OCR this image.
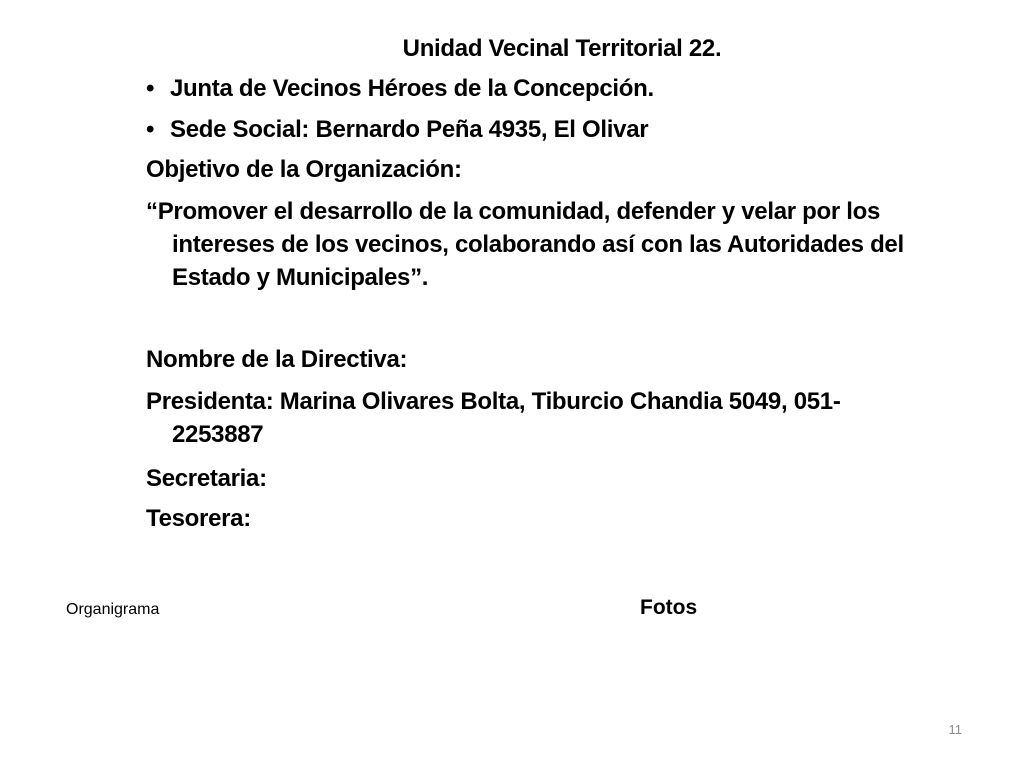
Unidad Vecinal Territorial 22.
• Junta de Vecinos Héroes de la Concepción.
• Sede Social: Bernardo Peña 4935, El Olivar
Objetivo de la Organización:
“Promover el desarrollo de la comunidad, defender y velar por los intereses de los vecinos, colaborando así con las Autoridades del Estado y Municipales”.
Nombre de la Directiva:
Presidenta: Marina Olivares Bolta, Tiburcio Chandia 5049, 051-2253887
Secretaria:
Tesorera:
Organigrama	Fotos
11
